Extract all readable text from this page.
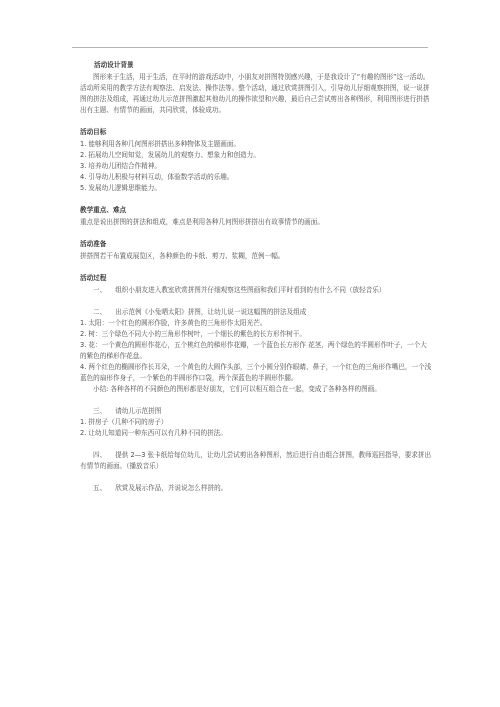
活动设计背景

图形来于生活，用于生活，在平时的游戏活动中，小朋友对拼图特别感兴趣，于是我设计了“有趣的图形”这一活动。活动所采用的教学方法有观察法、启发法、操作法等。整个活动，通过欣赏拼图引入，引导幼儿仔细观察拼图，说一说拼图的拼法及组成，再通过幼儿示范拼图激起其他幼儿的操作欲望和兴趣，最后自己尝试剪出各种图形，利用图形进行拼搭出有主题、有情节的画面，共同欣赏，体验成功。

活动目标

1. 能够利用各种几何图形拼搭出多种物体及主题画面。

2. 拓展幼儿空间知觉，发展幼儿的观察力、想象力和创造力。

3. 培养幼儿团结合作精神。

4. 引导幼儿积极与材料互动，体验数学活动的乐趣。

5. 发展幼儿逻辑思维能力。

教学重点、难点

重点是说出拼图的拼法和组成，难点是利用各种几何图形拼搭出有故事情节的画面。

活动准备

拼搭图若干布置成展览区，各种颜色的卡纸、剪刀、浆糊，范例一幅。

活动过程

一、 组织小朋友进入教室欣赏拼图并仔细观察这些图画和我们平时看到的有什么不同（放轻音乐）

二、 出示范例《小兔晒太阳》拼图，让幼儿说一说这幅图的拼法及组成

1. 太阳：一个红色的圆形作脸，许多黄色的三角形作太阳光芒。

2. 树：三个绿色不同大小的三角形作树叶，一个细长的紫色的长方形作树干。

3. 花：一个黄色的圆形作花心，五个桃红色的梯形作花瓣，一个蓝色长方形作 花茎，两个绿色的半圆形作叶子，一个大的紫色的梯形作花盘。

4. 两个红色的椭圆形作长耳朵，一个黄色的大圆作头部，三个小圆分别作眼睛、鼻子，一个红色的三角形作嘴巴，一个浅蓝色的扇形作身子，一个紫色的半圆形作口袋，两个深蓝色的半圆形作腿。

小结: 各种各样的不同颜色的图形都是好朋友，它们可以相互组合在一起，变成了各种各样的图画。

三、 请幼儿示范拼图

1. 拼房子（几种不同的房子）

2. 让幼儿知道同一种东西可以有几种不同的拼法。

四、 提供 2—3 张卡纸给每位幼儿，让幼儿尝试剪出各种图形，然后进行自由组合拼图，教师巡回指导，要求拼出有情节的画面。（播放音乐）

五、 欣赏及展示作品，并说说怎么样拼的。
